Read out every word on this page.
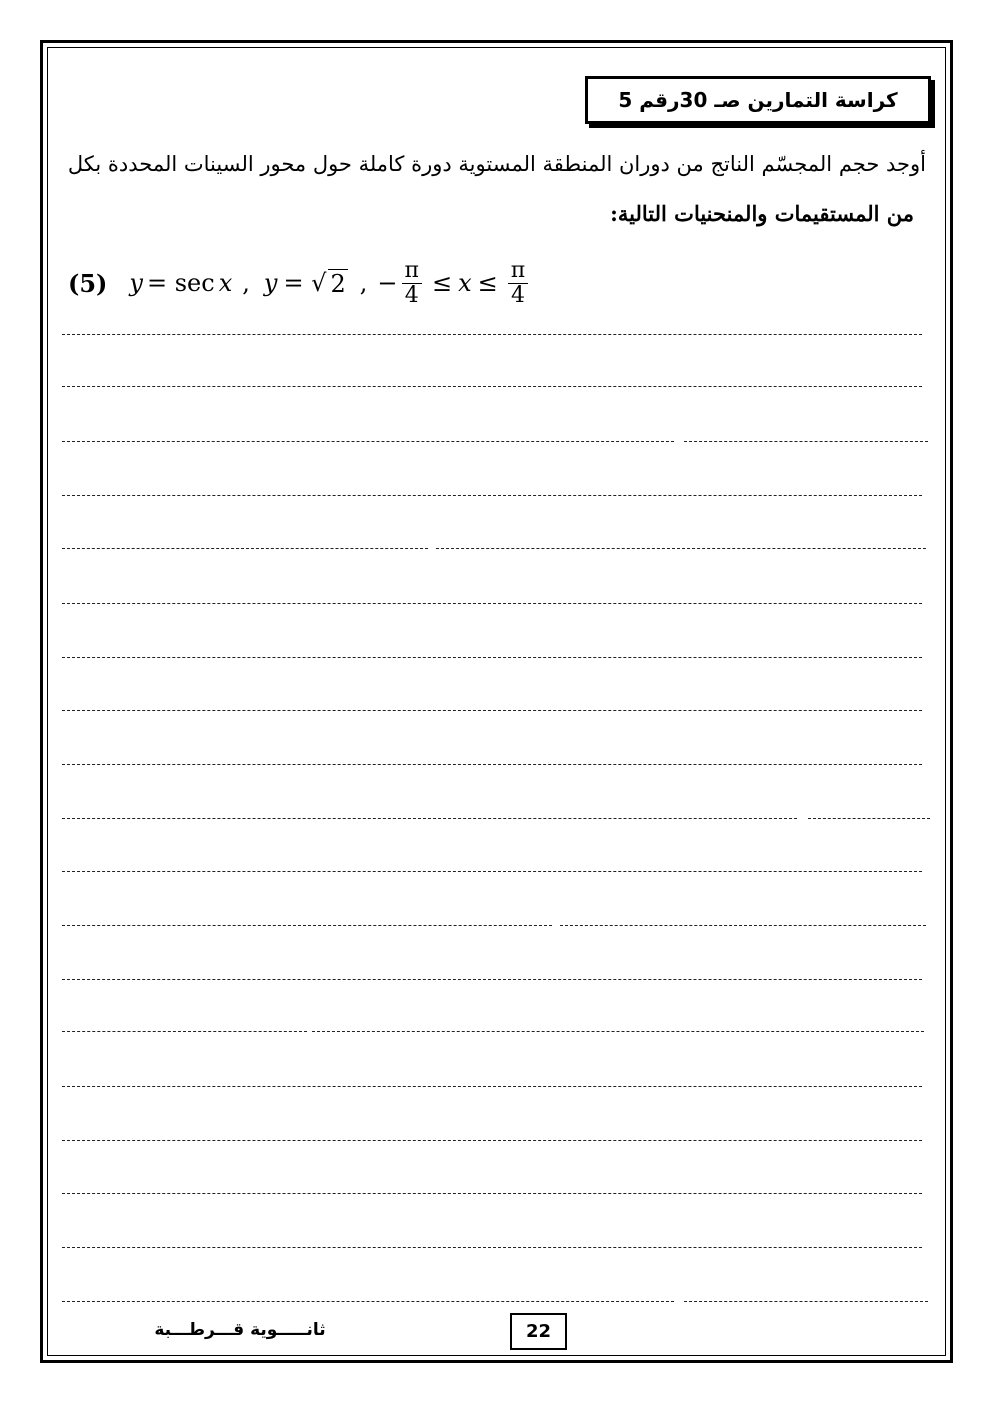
كراسة التمارين صـ 30رقم 5
أوجد حجم المجسّم الناتج من دوران المنطقة المستوية دورة كاملة حول محور السينات المحددة بكل
من المستقيمات والمنحنيات التالية:
(5) y = sec x , y = √ 2 , − $\frac{\pi}{4} \le x \le \frac{\pi}{4}$
ثانـــــوية قـــرطـــبة	22
